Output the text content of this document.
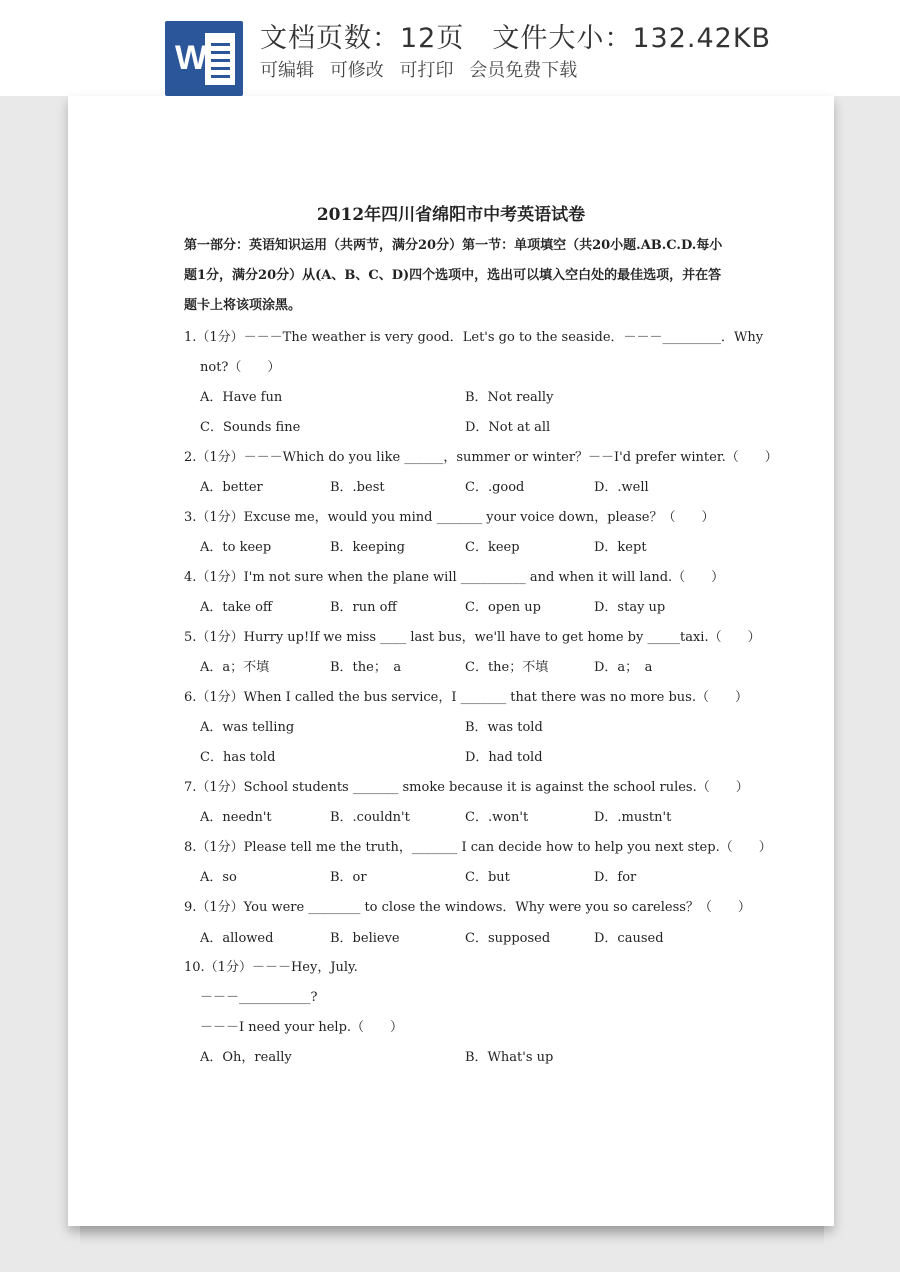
W
文档页数：12页 文件大小：132.42KB
可编辑 可修改 可打印 会员免费下载
2012年四川省绵阳市中考英语试卷
第一部分：英语知识运用（共两节，满分20分）第一节：单项填空（共20小题.AB.C.D.每小题1分，满分20分）从(A、B、C、D)四个选项中，选出可以填入空白处的最佳选项，并在答题卡上将该项涂黑。
1.（1分）－－－The weather is very good．Let's go to the seaside．－－－_________．Why
not?（　　）
A．Have fun	B．Not really
C．Sounds fine	D．Not at all
2.（1分）－－－Which do you like ______，summer or winter？－－I'd prefer winter.（　　）
A．better	B．.best	C．.good	D．.well
3.（1分）Excuse me，would you mind _______ your voice down，please？（　　）
A．to keep	B．keeping	C．keep	D．kept
4.（1分）I'm not sure when the plane will __________ and when it will land.（　　）
A．take off	B．run off	C．open up	D．stay up
5.（1分）Hurry up!If we miss ____ last bus，we'll have to get home by _____taxi.（　　）
A．a；不填	B．the；　a	C．the；不填	D．a；　a
6.（1分）When I called the bus service，I _______ that there was no more bus.（　　）
A．was telling	B．was told
C．has told	D．had told
7.（1分）School students _______ smoke because it is against the school rules.（　　）
A．needn't	B．.couldn't	C．.won't	D．.mustn't
8.（1分）Please tell me the truth，_______ I can decide how to help you next step.（　　）
A．so	B．or	C．but	D．for
9.（1分）You were ________ to close the windows．Why were you so careless？（　　）
A．allowed	B．believe	C．supposed	D．caused
10.（1分）－－－Hey，July.
－－－___________?
－－－I need your help.（　　）
A．Oh，really	B．What's up
